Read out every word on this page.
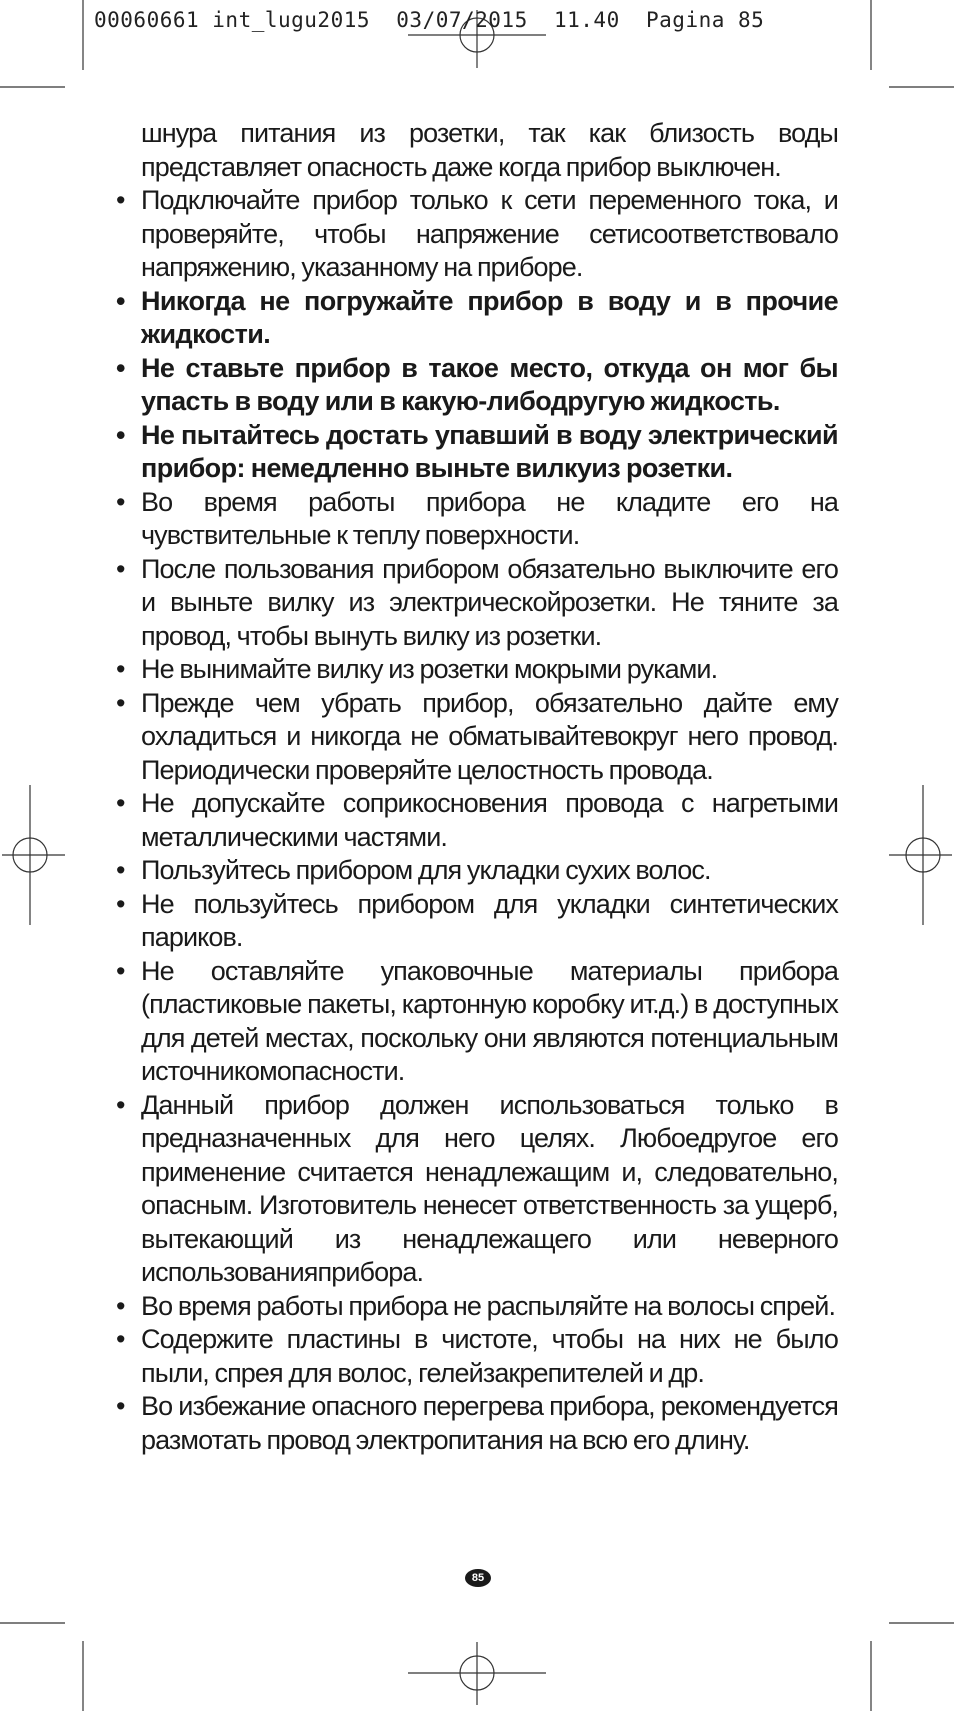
00060661 int_lugu2015  03/07/2015  11.40  Pagina 85

шнура питания из розетки, так как близость воды представляет опасность даже когда прибор выключен.

• Подключайте прибор только к сети переменного тока, и проверяйте, чтобы напряжение сетисоответствовало напряжению, указанному на приборе.
• Никогда не погружайте прибор в воду и в прочие жидкости.
• Не ставьте прибор в такое место, откуда он мог бы упасть в воду или в какую-либодругую жидкость.
• Не пытайтесь достать упавший в воду электрический прибор: немедленно выньте вилкуиз розетки.
• Во время работы прибора не кладите его на чувствительные к теплу поверхности.
• После пользования прибором обязательно выключите его и выньте вилку из электрическойрозетки. Не тяните за провод, чтобы вынуть вилку из розетки.
• Не вынимайте вилку из розетки мокрыми руками.
• Прежде чем убрать прибор, обязательно дайте ему охладиться и никогда не обматывайтевокруг него провод. Периодически проверяйте целостность провода.
• Не допускайте соприкосновения провода с нагретыми металлическими частями.
• Пользуйтесь прибором для укладки сухих волос.
• Не пользуйтесь прибором для укладки синтетических париков.
• Не оставляйте упаковочные материалы прибора (пластиковые пакеты, картонную коробку ит.д.) в доступных для детей местах, поскольку они являются потенциальным источникомопасности.
• Данный прибор должен использоваться только в предназначенных для него целях. Любоедругое его применение считается ненадлежащим и, следовательно, опасным. Изготовитель ненесет ответственность за ущерб, вытекающий из ненадлежащего или неверного использованияприбора.
• Во время работы прибора не распыляйте на волосы спрей.
• Содержите пластины в чистоте, чтобы на них не было пыли, спрея для волос, гелейзакрепителей и др.
• Во избежание опасного перегрева прибора, рекомендуется размотать провод электропитания на всю его длину.
85
